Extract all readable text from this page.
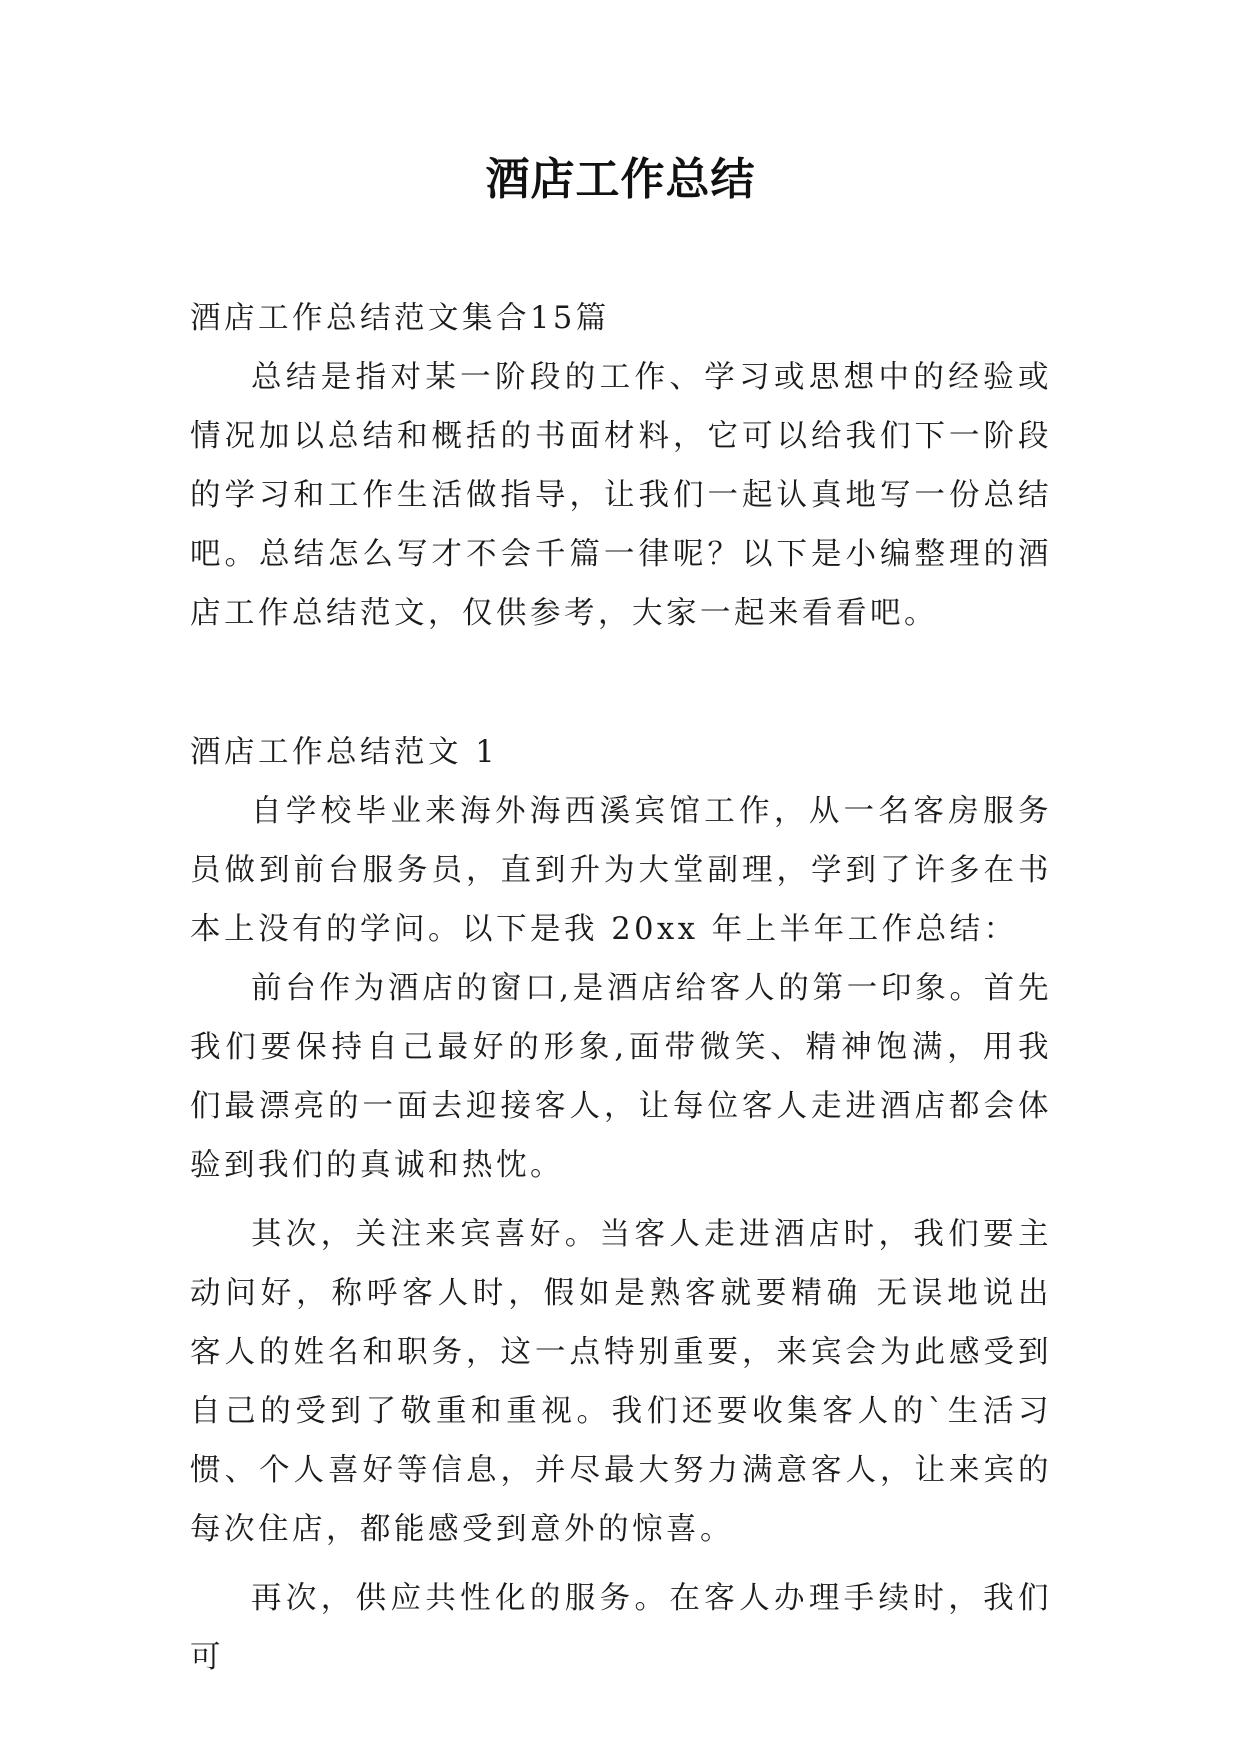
酒店工作总结

酒店工作总结范文集合15篇

总结是指对某一阶段的工作、学习或思想中的经验或情况加以总结和概括的书面材料，它可以给我们下一阶段的学习和工作生活做指导，让我们一起认真地写一份总结吧。总结怎么写才不会千篇一律呢？以下是小编整理的酒店工作总结范文，仅供参考，大家一起来看看吧。

酒店工作总结范文 1

自学校毕业来海外海西溪宾馆工作，从一名客房服务员做到前台服务员，直到升为大堂副理，学到了许多在书本上没有的学问。以下是我 20xx 年上半年工作总结：

前台作为酒店的窗口,是酒店给客人的第一印象。首先我们要保持自己最好的形象,面带微笑、精神饱满，用我们最漂亮的一面去迎接客人，让每位客人走进酒店都会体验到我们的真诚和热忱。

其次，关注来宾喜好。当客人走进酒店时，我们要主动问好，称呼客人时，假如是熟客就要精确 无误地说出客人的姓名和职务，这一点特别重要，来宾会为此感受到自己的受到了敬重和重视。我们还要收集客人的`生活习惯、个人喜好等信息，并尽最大努力满意客人，让来宾的每次住店，都能感受到意外的惊喜。

再次，供应共性化的服务。在客人办理手续时，我们可
